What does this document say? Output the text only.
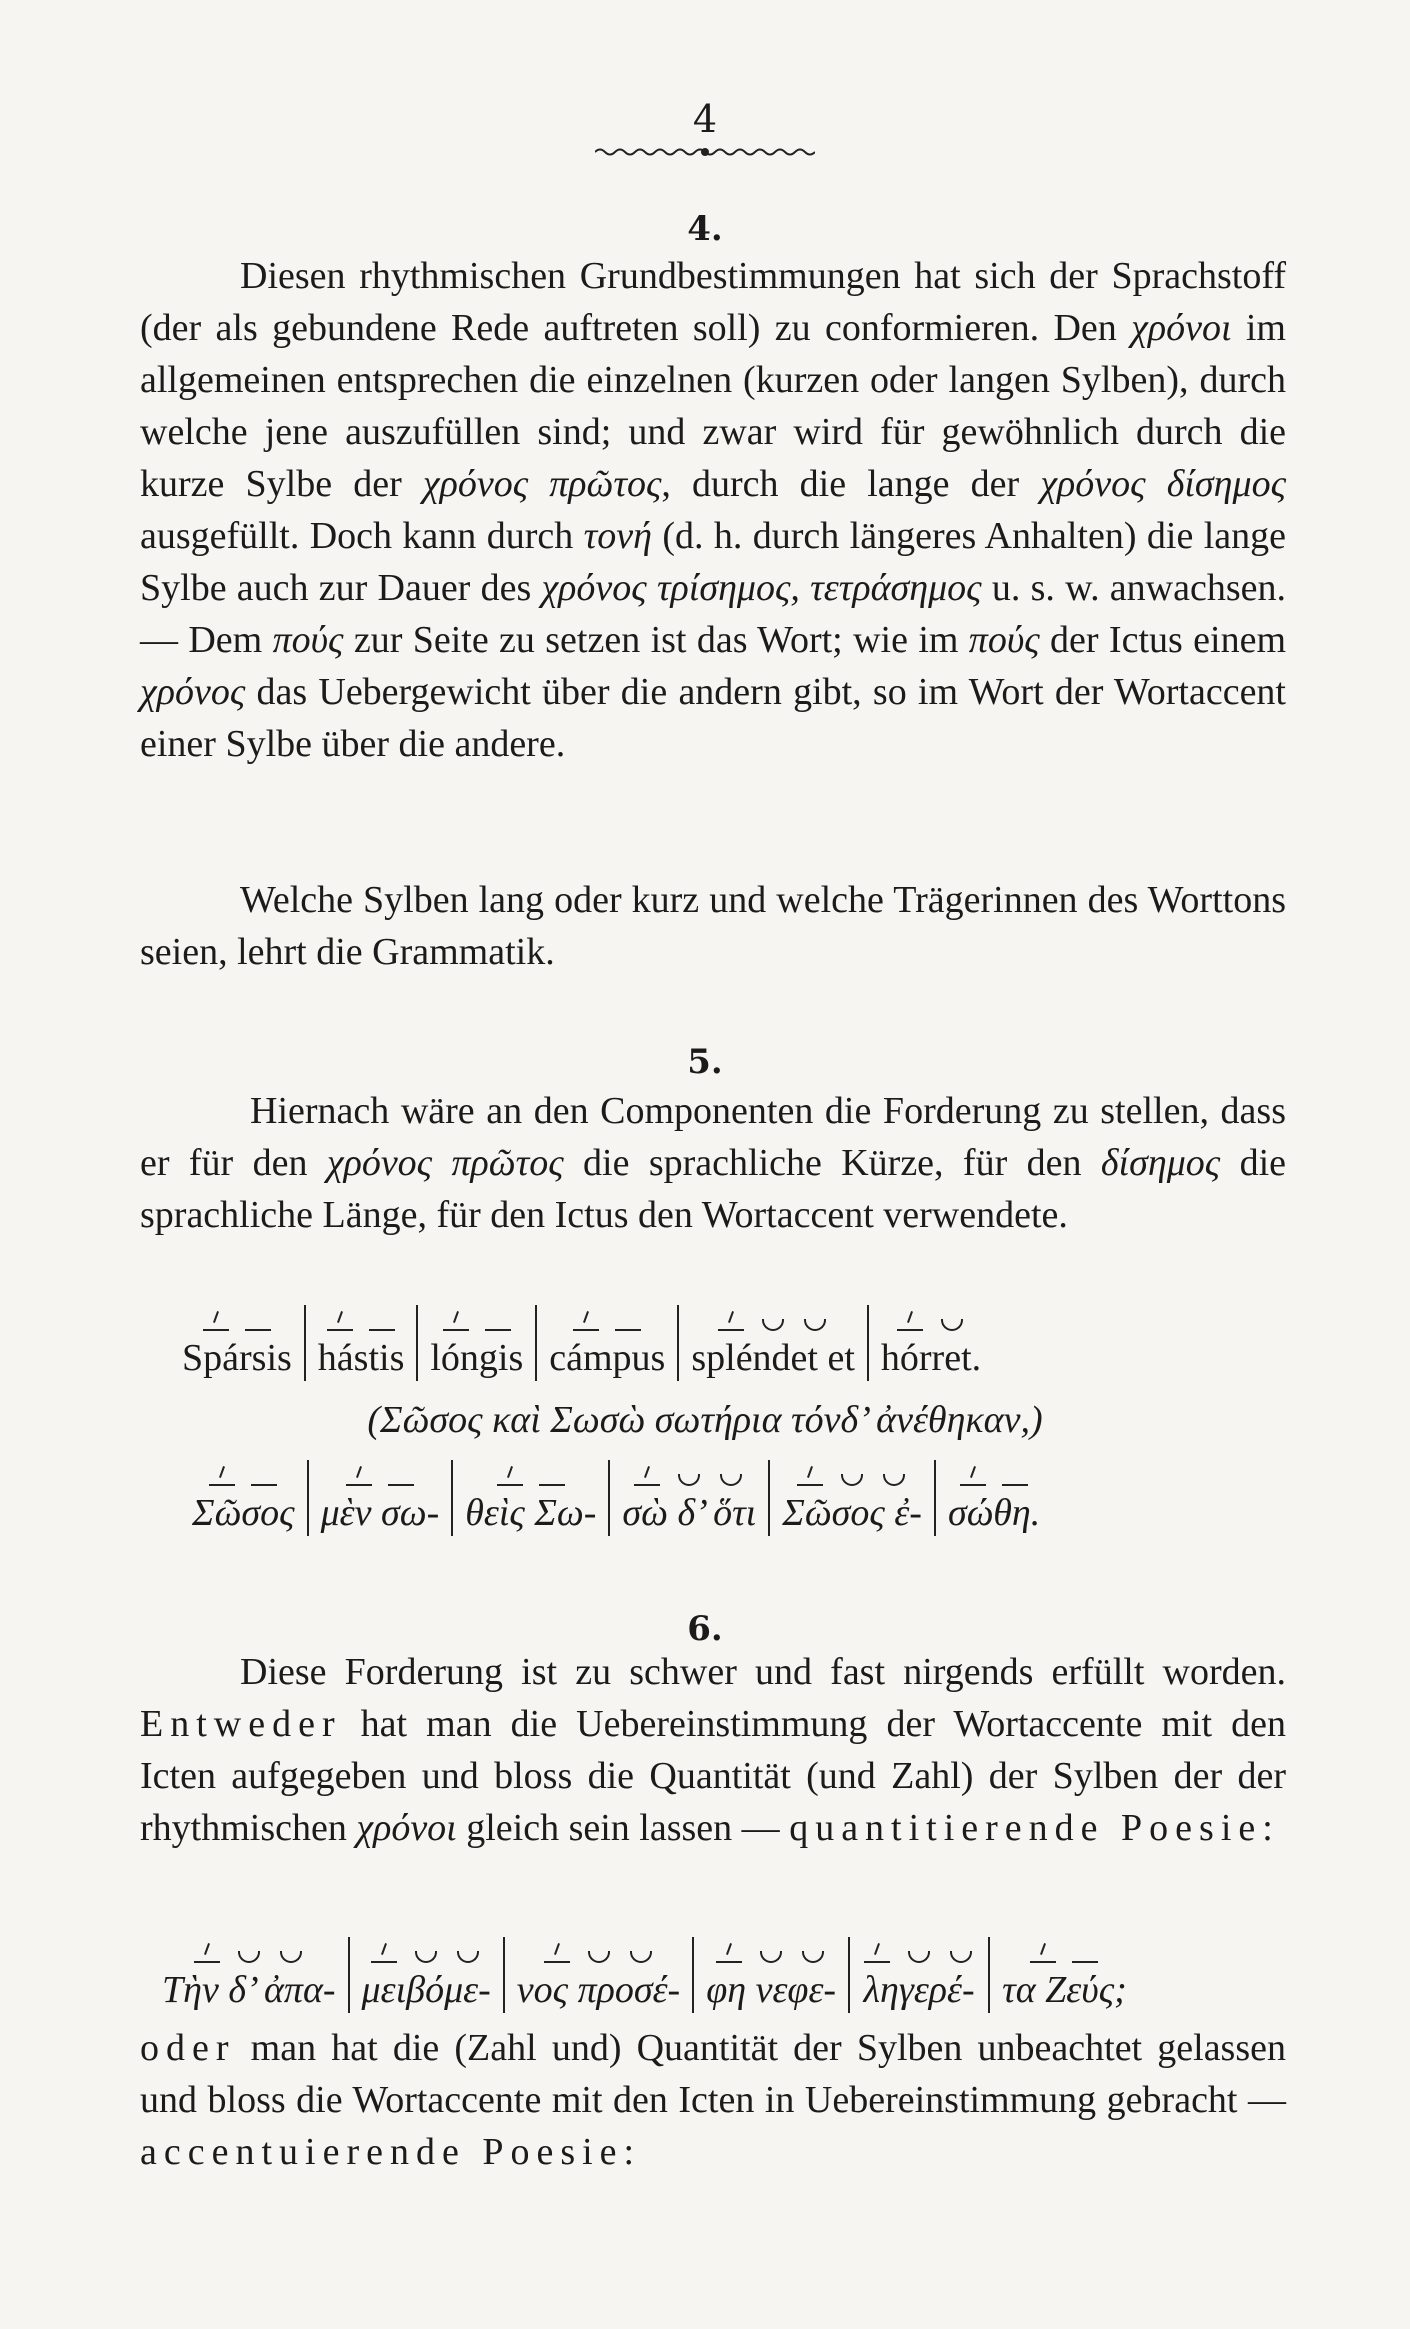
4
4.
Diesen rhythmischen Grundbestimmungen hat sich der Sprachstoff (der als gebundene Rede auftreten soll) zu conformieren. Den χρόνοι im allgemeinen entsprechen die einzelnen (kurzen oder langen Sylben), durch welche jene auszufüllen sind; und zwar wird für gewöhnlich durch die kurze Sylbe der χρόνος πρῶτος, durch die lange der χρόνος δίσημος ausgefüllt. Doch kann durch τονή (d. h. durch längeres Anhalten) die lange Sylbe auch zur Dauer des χρόνος τρίσημος, τετράσημος u. s. w. anwachsen. — Dem πούς zur Seite zu setzen ist das Wort; wie im πούς der Ictus einem χρόνος das Uebergewicht über die andern gibt, so im Wort der Wortaccent einer Sylbe über die andere.
Welche Sylben lang oder kurz und welche Trägerinnen des Worttons seien, lehrt die Grammatik.
5.
Hiernach wäre an den Componenten die Forderung zu stellen, dass er für den χρόνος πρῶτος die sprachliche Kürze, für den δίσημος die sprachliche Länge, für den Ictus den Wortaccent verwendete.
Spársis hástis lóngis cámpus spléndet et hórret.
(Σῶσος καὶ Σωσὼ σωτήρια τόνδ’ ἀνέθηκαν,)
Σῶσος μὲν σω- θεὶς Σω- σὼ δ’ ὅτι Σῶσος ἐ- σώθη.
6.
Diese Forderung ist zu schwer und fast nirgends erfüllt worden. Entweder hat man die Uebereinstimmung der Wortaccente mit den Icten aufgegeben und bloss die Quantität (und Zahl) der Sylben der der rhythmischen χρόνοι gleich sein lassen — quantitierende Poesie:
Τὴν δ’ ἀπα- μειβόμε- νος προσέ- φη νεφε- ληγερέ- τα Ζεύς;
oder man hat die (Zahl und) Quantität der Sylben unbeachtet gelassen und bloss die Wortaccente mit den Icten in Uebereinstimmung gebracht — accentuierende Poesie:
